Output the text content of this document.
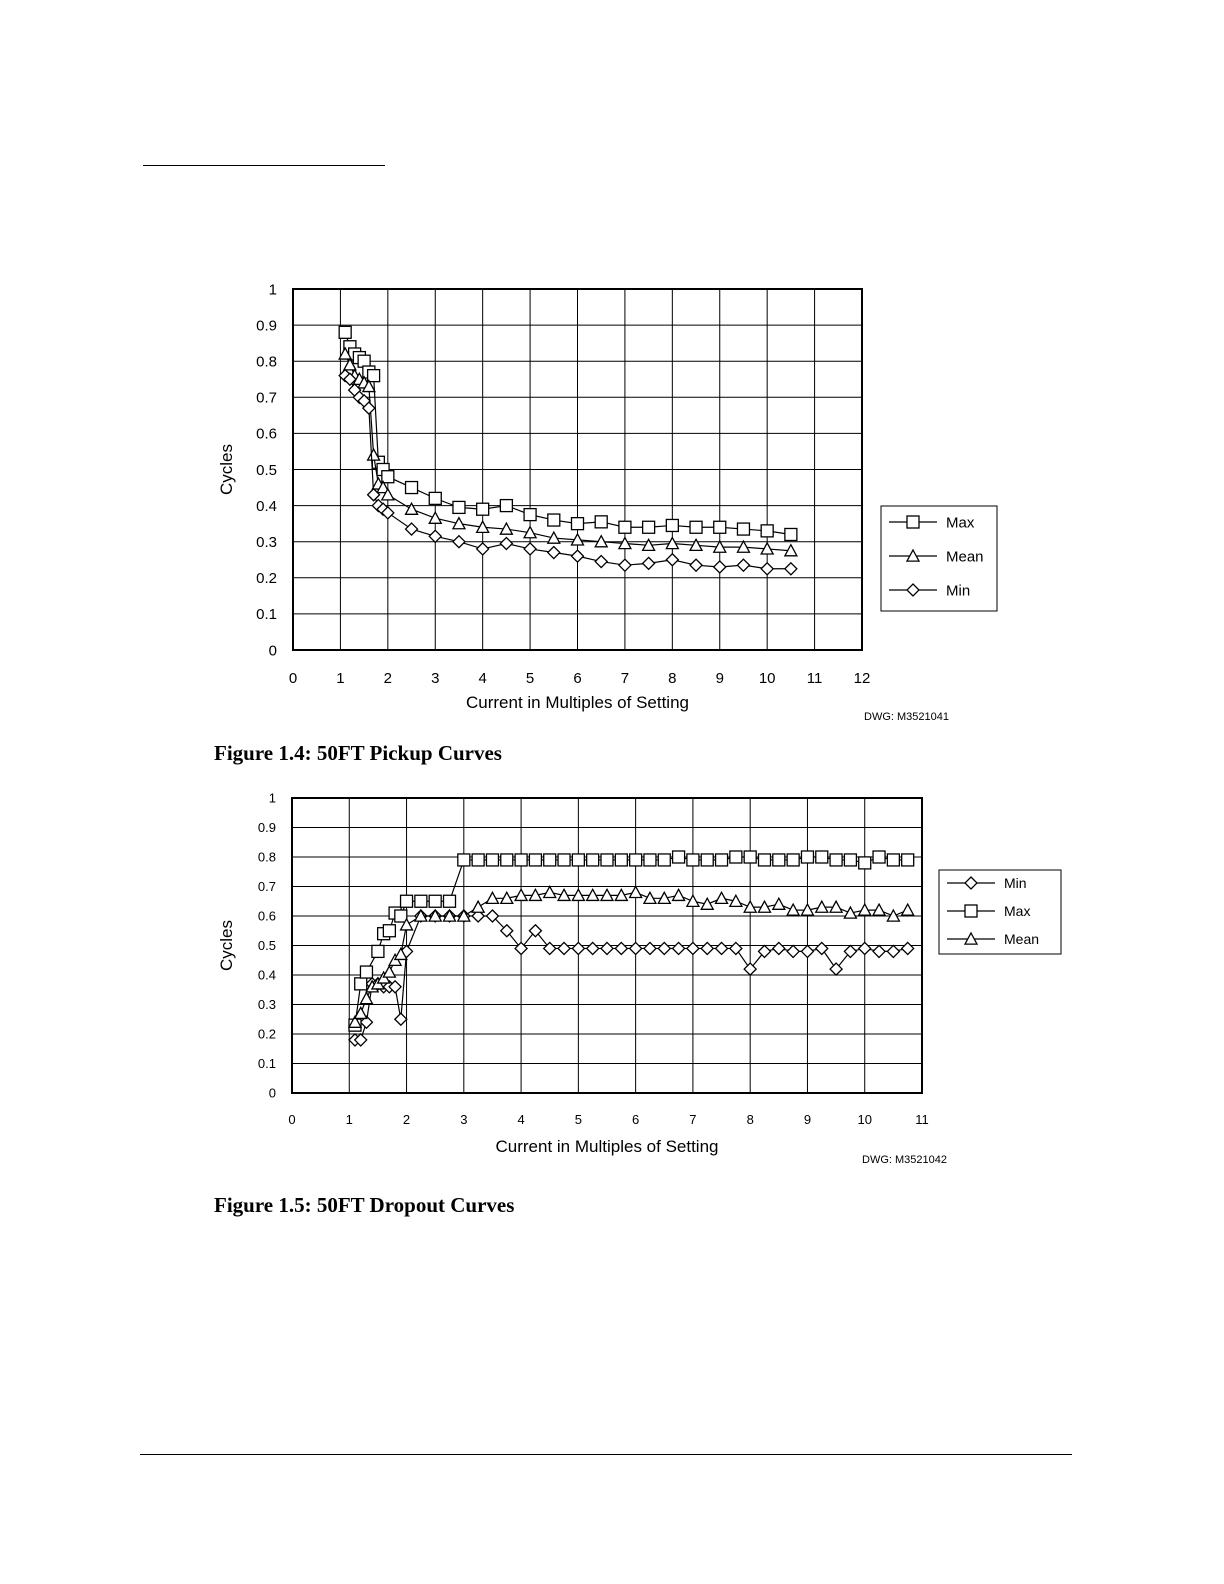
0	1	2	3	4	5	6	7	8	9 10 11 12
0
0.1
0.2
0.3
0.4
0.5
0.6
0.7
0.8
0.9
1
Current in Multiples of Setting
Cycles
DWG: M3521041
Max
Mean
Min
0	1	2	3	4	5	6	7	8	9	10	11
0
0.1
0.2
0.3
0.4
0.5
0.6
0.7
0.8
0.9
1
Current in Multiples of Setting
Cycles
DWG: M3521042
Min
Max
Mean
Figure 1.4: 50FT Pickup Curves
Figure 1.5: 50FT Dropout Curves
